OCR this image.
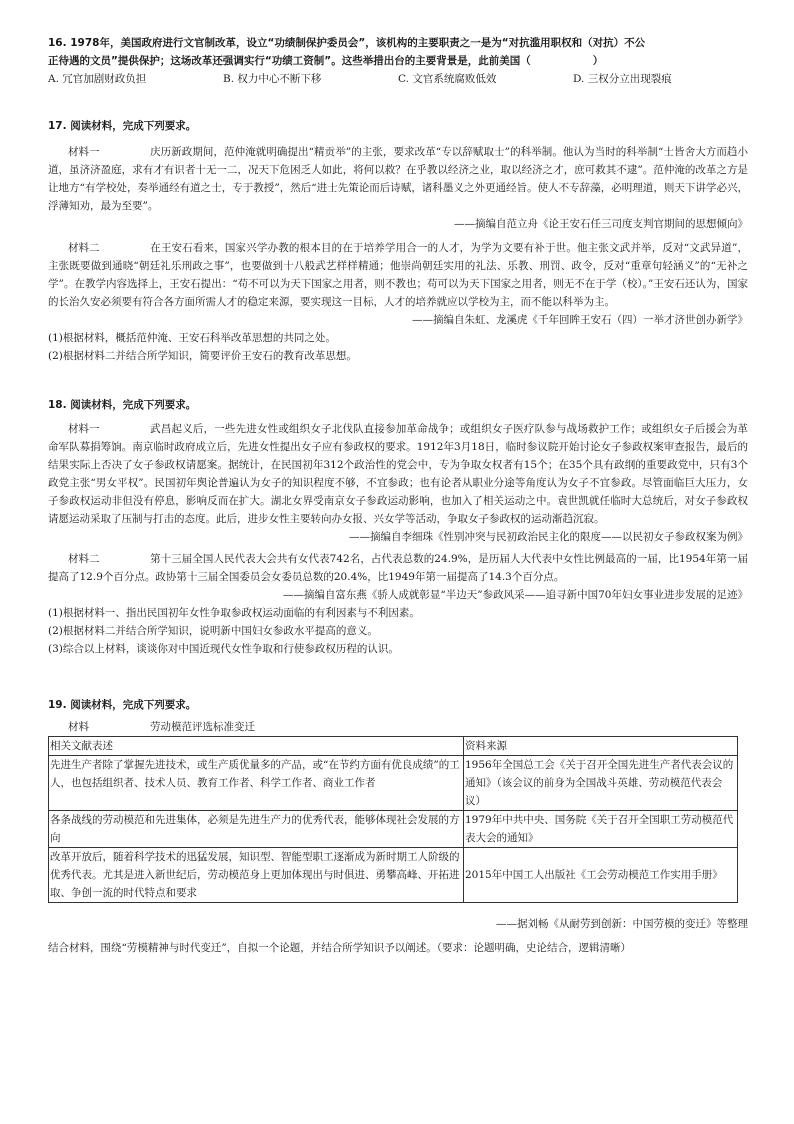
16. 1978年，美国政府进行文官制改革，设立“功绩制保护委员会”，该机构的主要职责之一是为“对抗滥用职权和（对抗）不公
正待遇的文员”提供保护；这场改革还强调实行“功绩工资制”。这些举措出台的主要背景是，此前美国（	）
A. 冗官加剧财政负担	B. 权力中心不断下移	C. 文官系统腐败低效	D. 三权分立出现裂痕
17. 阅读材料，完成下列要求。
材料一	庆历新政期间，范仲淹就明确提出“精贡举”的主张，要求改革“专以辞赋取士”的科举制。他认为当时的科举制“士皆舍大方而趋小道，虽济济盈庭，求有才有识者十无一二，况天下危困乏人如此，将何以救？在乎教以经济之业，取以经济之才，庶可救其不逮”。范仲淹的改革之方是让地方“有学校处，奏举通经有道之士，专于教授”，然后“进士先策论而后诗赋，诸科墨义之外更通经旨。使人不专辞藻，必明理道，则天下讲学必兴，浮薄知劝，最为至要”。
——摘编自范立舟《论王安石任三司度支判官期间的思想倾向》
材料二	在王安石看来，国家兴学办教的根本目的在于培养学用合一的人才，为学为文要有补于世。他主张文武并举，反对“文武异道”，主张既要做到通晓“朝廷礼乐刑政之事”，也要做到十八般武艺样样精通；他崇尚朝廷实用的礼法、乐教、刑罚、政令，反对“重章句轻涵义”的“无补之学”。在教学内容选择上，王安石提出：“苟不可以为天下国家之用者，则不教也；苟可以为天下国家之用者，则无不在于学（校）。”王安石还认为，国家的长治久安必须要有符合各方面所需人才的稳定来源，要实现这一目标，人才的培养就应以学校为主，而不能以科举为主。
——摘编自朱虹、龙溪虎《千年回眸王安石（四）一举才济世创办新学》
(1)根据材料，概括范仲淹、王安石科举改革思想的共同之处。
(2)根据材料二并结合所学知识，简要评价王安石的教育改革思想。
18. 阅读材料，完成下列要求。
材料一	武昌起义后，一些先进女性或组织女子北伐队直接参加革命战争；或组织女子医疗队参与战场救护工作；或组织女子后援会为革命军队募捐筹饷。南京临时政府成立后，先进女性提出女子应有参政权的要求。1912年3月18日，临时参议院开始讨论女子参政权案审查报告，最后的结果实际上否决了女子参政权请愿案。据统计，在民国初年312个政治性的党会中，专为争取女权者有15个；在35个具有政纲的重要政党中，只有3个政党主张“男女平权”。民国初年舆论普遍认为女子的知识程度不够，不宜参政；也有论者从职业分途等角度认为女子不宜参政。尽管面临巨大压力，女子参政权运动非但没有停息，影响反而在扩大。湖北女界受南京女子参政运动影响，也加入了相关运动之中。袁世凯就任临时大总统后，对女子参政权请愿运动采取了压制与打击的态度。此后，进步女性主要转向办女报、兴女学等活动，争取女子参政权的运动渐趋沉寂。
——摘编自李细珠《性别冲突与民初政治民主化的限度——以民初女子参政权案为例》
材料二	第十三届全国人民代表大会共有女代表742名，占代表总数的24.9%，是历届人大代表中女性比例最高的一届，比1954年第一届提高了12.9个百分点。政协第十三届全国委员会女委员总数的20.4%，比1949年第一届提高了14.3个百分点。
——摘编自富东燕《骄人成就彰显“半边天”参政风采——追寻新中国70年妇女事业进步发展的足迹》
(1)根据材料一、指出民国初年女性争取参政权运动面临的有利因素与不利因素。
(2)根据材料二并结合所学知识，说明新中国妇女参政水平提高的意义。
(3)综合以上材料，谈谈你对中国近现代女性争取和行使参政权历程的认识。
19. 阅读材料，完成下列要求。
材料	劳动模范评选标准变迁
相关文献表述	资料来源
先进生产者除了掌握先进技术，或生产质优量多的产品，或“在节约方面有优良成绩”的工人，也包括组织者、技术人员、教育工作者、科学工作者、商业工作者	1956年全国总工会《关于召开全国先进生产者代表会议的通知》（该会议的前身为全国战斗英雄、劳动模范代表会议）
各条战线的劳动模范和先进集体，必须是先进生产力的优秀代表，能够体现社会发展的方向	1979年中共中央、国务院《关于召开全国职工劳动模范代表大会的通知》
改革开放后，随着科学技术的迅猛发展，知识型、智能型职工逐渐成为新时期工人阶级的优秀代表。尤其是进入新世纪后，劳动模范身上更加体现出与时俱进、勇攀高峰、开拓进取、争创一流的时代特点和要求	2015年中国工人出版社《工会劳动模范工作实用手册》
——据刘畅《从耐劳到创新：中国劳模的变迁》等整理
结合材料，围绕“劳模精神与时代变迁”，自拟一个论题，并结合所学知识予以阐述。（要求：论题明确，史论结合，逻辑清晰）
